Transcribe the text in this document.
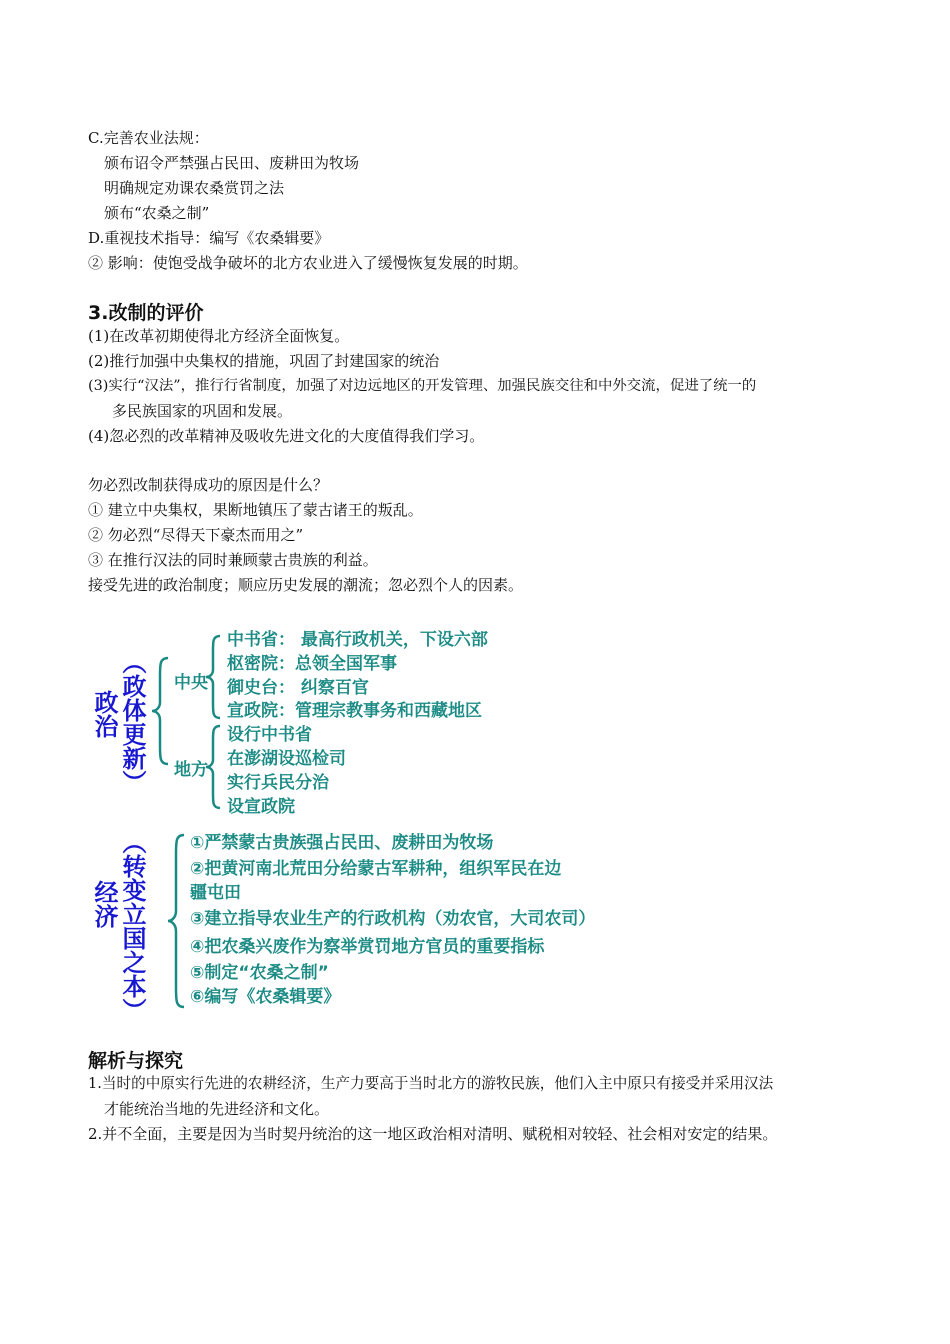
C.完善农业法规：
颁布诏令严禁强占民田、废耕田为牧场
明确规定劝课农桑赏罚之法
颁布“农桑之制”
D.重视技术指导：编写《农桑辑要》
② 影响：使饱受战争破坏的北方农业进入了缓慢恢复发展的时期。
3.改制的评价
(1)在改革初期使得北方经济全面恢复。
(2)推行加强中央集权的措施，巩固了封建国家的统治
(3)实行“汉法”，推行行省制度，加强了对边远地区的开发管理、加强民族交往和中外交流，促进了统一的
多民族国家的巩固和发展。
(4)忽必烈的改革精神及吸收先进文化的大度值得我们学习。
勿必烈改制获得成功的原因是什么？
① 建立中央集权，果断地镇压了蒙古诸王的叛乱。
② 勿必烈“尽得天下豪杰而用之”
③ 在推行汉法的同时兼顾蒙古贵族的利益。
接受先进的政治制度；顺应历史发展的潮流；忽必烈个人的因素。
政治 （政体更新） 中央
中书省： 最高行政机关，下设六部
枢密院：总领全国军事
御史台： 纠察百官
宣政院：管理宗教事务和西藏地区
地方
设行中书省
在澎湖设巡检司
实行兵民分治
设宣政院
经济 （转变立国之本）	①严禁蒙古贵族强占民田、废耕田为牧场
②把黄河南北荒田分给蒙古军耕种，组织军民在边
疆屯田
③建立指导农业生产的行政机构（劝农官，大司农司）
④把农桑兴废作为察举赏罚地方官员的重要指标
⑤制定“农桑之制”
⑥编写《农桑辑要》
解析与探究
1.当时的中原实行先进的农耕经济，生产力要高于当时北方的游牧民族，他们入主中原只有接受并采用汉法
才能统治当地的先进经济和文化。
2.并不全面，主要是因为当时契丹统治的这一地区政治相对清明、赋税相对较轻、社会相对安定的结果。
